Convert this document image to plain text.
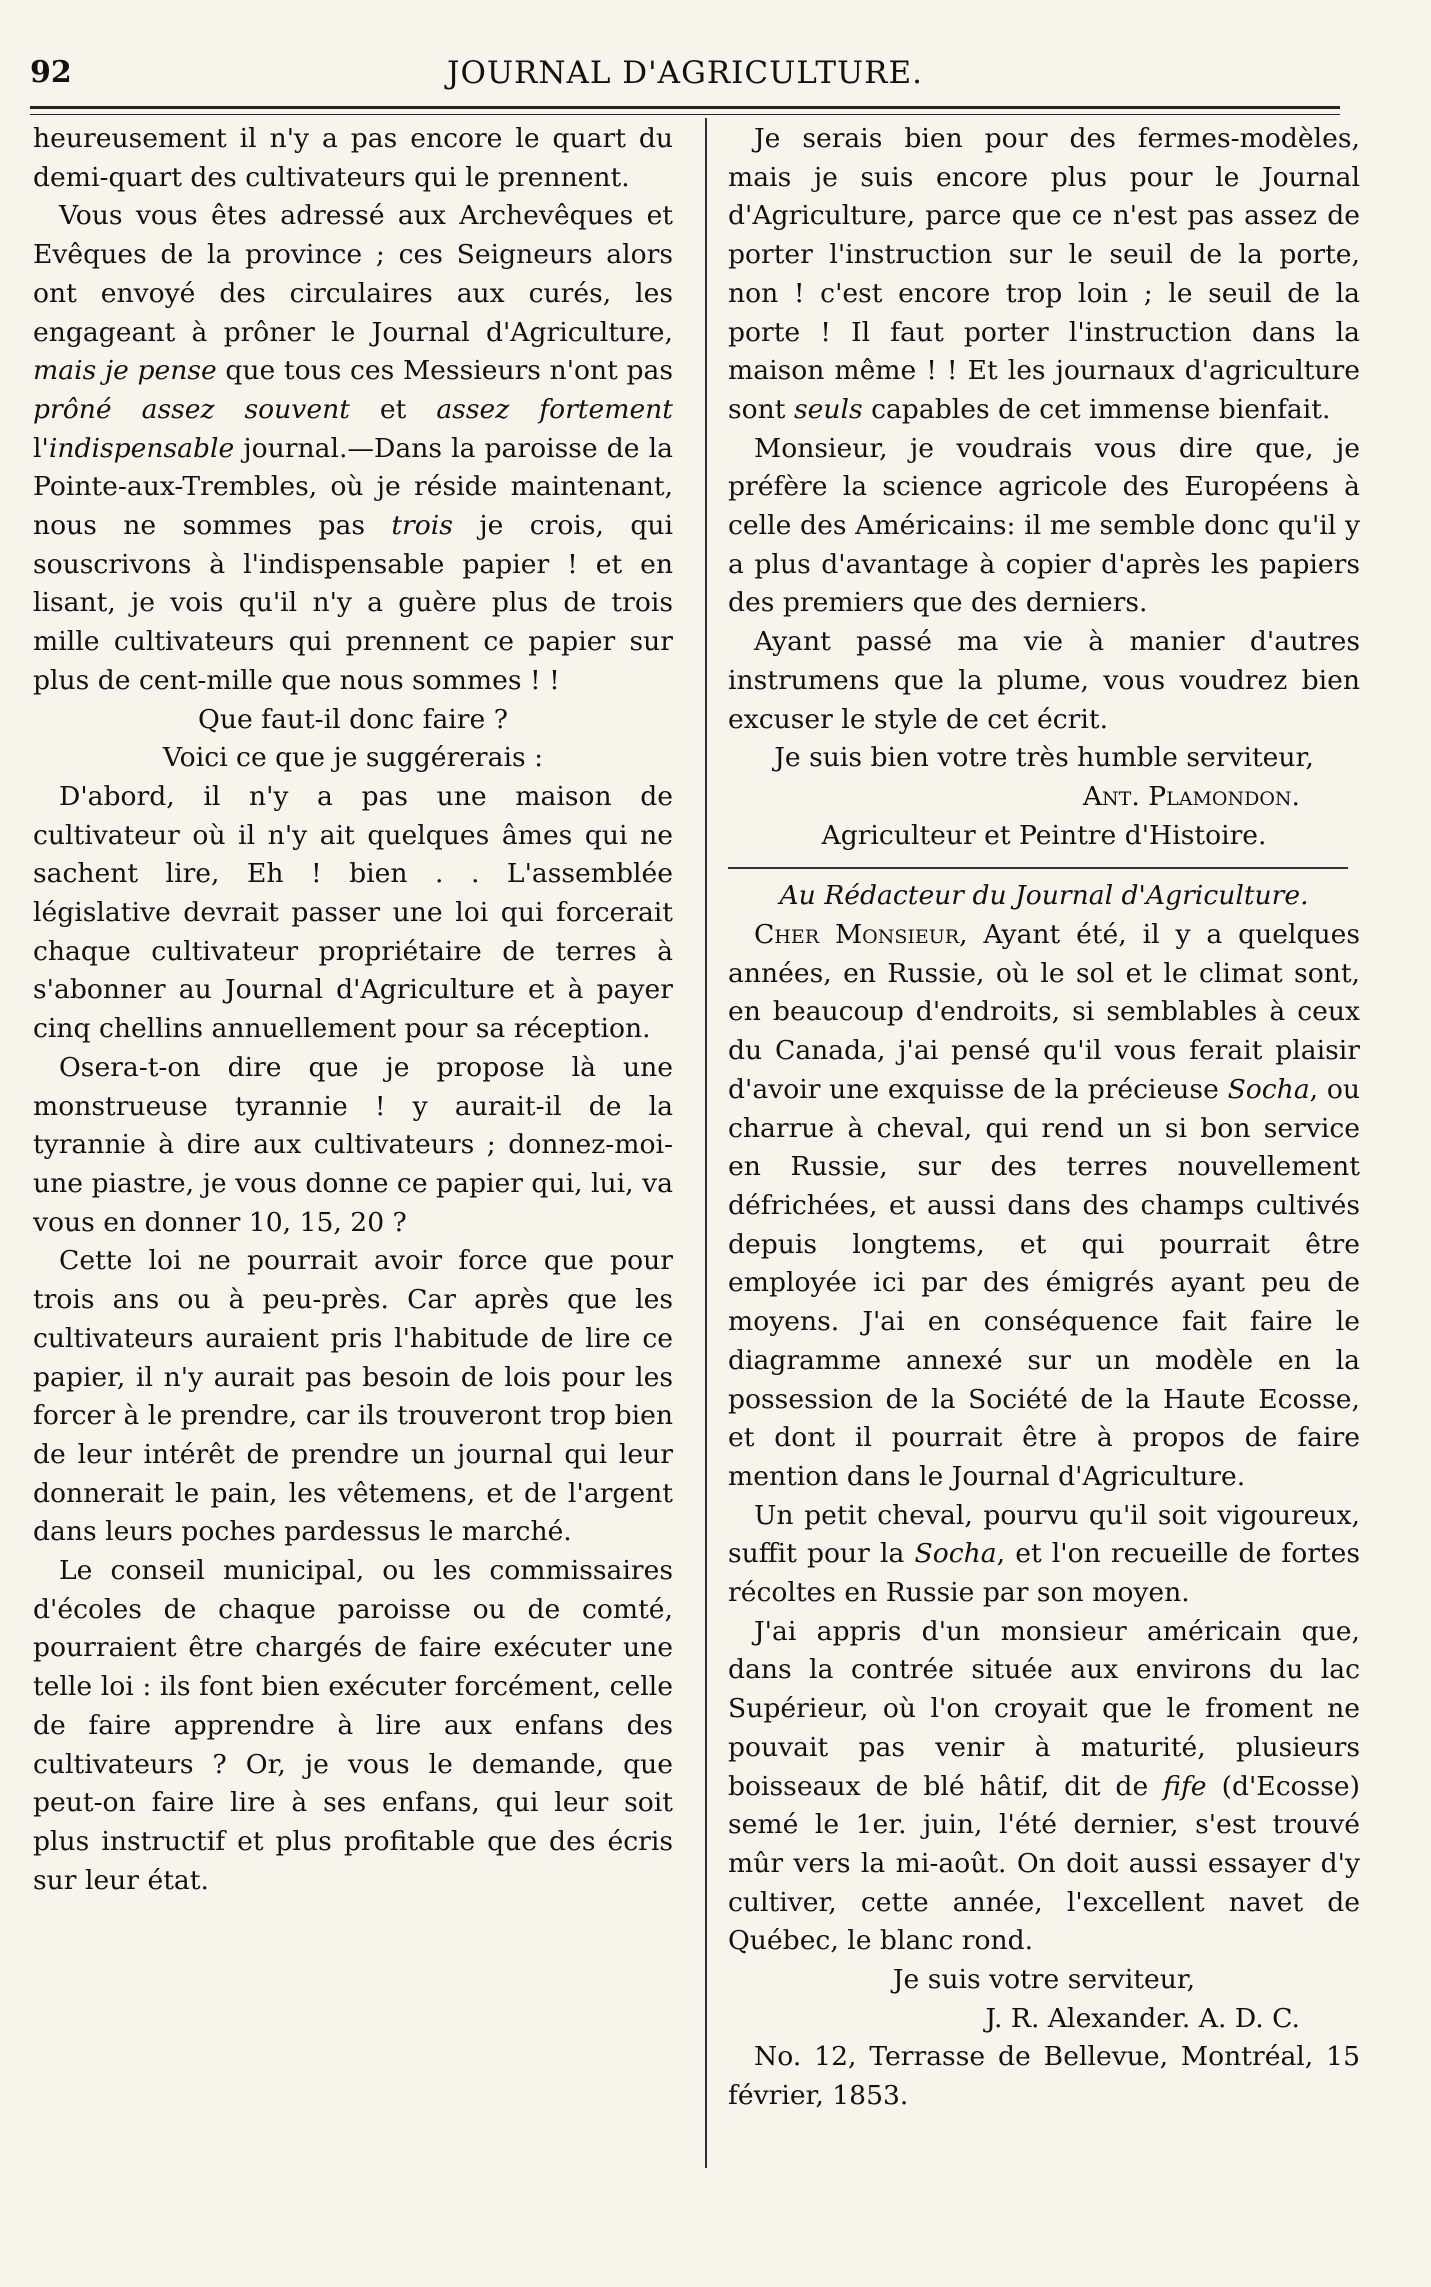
92	JOURNAL D'AGRICULTURE.

heureusement il n'y a pas encore le quart du demi-quart des cultivateurs qui le prennent.

Vous vous êtes adressé aux Archevêques et Evêques de la province ; ces Seigneurs alors ont envoyé des circulaires aux curés, les engageant à prôner le Journal d'Agriculture, mais je pense que tous ces Messieurs n'ont pas prôné assez souvent et assez fortement l'indispensable journal.—Dans la paroisse de la Pointe-aux-Trembles, où je réside maintenant, nous ne sommes pas trois je crois, qui souscrivons à l'indispensable papier ! et en lisant, je vois qu'il n'y a guère plus de trois mille cultivateurs qui prennent ce papier sur plus de cent-mille que nous sommes ! !

Que faut-il donc faire ?

Voici ce que je suggérerais :

D'abord, il n'y a pas une maison de cultivateur où il n'y ait quelques âmes qui ne sachent lire, Eh ! bien . . L'assemblée législative devrait passer une loi qui forcerait chaque cultivateur propriétaire de terres à s'abonner au Journal d'Agriculture et à payer cinq chellins annuellement pour sa réception.

Osera-t-on dire que je propose là une monstrueuse tyrannie ! y aurait-il de la tyrannie à dire aux cultivateurs ; donnez-moi-une piastre, je vous donne ce papier qui, lui, va vous en donner 10, 15, 20 ?

Cette loi ne pourrait avoir force que pour trois ans ou à peu-près. Car après que les cultivateurs auraient pris l'habitude de lire ce papier, il n'y aurait pas besoin de lois pour les forcer à le prendre, car ils trouveront trop bien de leur intérêt de prendre un journal qui leur donnerait le pain, les vêtemens, et de l'argent dans leurs poches pardessus le marché.

Le conseil municipal, ou les commissaires d'écoles de chaque paroisse ou de comté, pourraient être chargés de faire exécuter une telle loi : ils font bien exécuter forcément, celle de faire apprendre à lire aux enfans des cultivateurs ? Or, je vous le demande, que peut-on faire lire à ses enfans, qui leur soit plus instructif et plus profitable que des écris sur leur état.

Je serais bien pour des fermes-modèles, mais je suis encore plus pour le Journal d'Agriculture, parce que ce n'est pas assez de porter l'instruction sur le seuil de la porte, non ! c'est encore trop loin ; le seuil de la porte ! Il faut porter l'instruction dans la maison même ! ! Et les journaux d'agriculture sont seuls capables de cet immense bienfait.

Monsieur, je voudrais vous dire que, je préfère la science agricole des Européens à celle des Américains: il me semble donc qu'il y a plus d'avantage à copier d'après les papiers des premiers que des derniers.

Ayant passé ma vie à manier d'autres instrumens que la plume, vous voudrez bien excuser le style de cet écrit.

Je suis bien votre très humble serviteur,

Ant. Plamondon.

Agriculteur et Peintre d'Histoire.

Au Rédacteur du Journal d'Agriculture.

Cher Monsieur, Ayant été, il y a quelques années, en Russie, où le sol et le climat sont, en beaucoup d'endroits, si semblables à ceux du Canada, j'ai pensé qu'il vous ferait plaisir d'avoir une exquisse de la précieuse Socha, ou charrue à cheval, qui rend un si bon service en Russie, sur des terres nouvellement défrichées, et aussi dans des champs cultivés depuis longtems, et qui pourrait être employée ici par des émigrés ayant peu de moyens. J'ai en conséquence fait faire le diagramme annexé sur un modèle en la possession de la Société de la Haute Ecosse, et dont il pourrait être à propos de faire mention dans le Journal d'Agriculture.

Un petit cheval, pourvu qu'il soit vigoureux, suffit pour la Socha, et l'on recueille de fortes récoltes en Russie par son moyen.

J'ai appris d'un monsieur américain que, dans la contrée située aux environs du lac Supérieur, où l'on croyait que le froment ne pouvait pas venir à maturité, plusieurs boisseaux de blé hâtif, dit de fife (d'Ecosse) semé le 1er. juin, l'été dernier, s'est trouvé mûr vers la mi-août. On doit aussi essayer d'y cultiver, cette année, l'excellent navet de Québec, le blanc rond.

Je suis votre serviteur,

J. R. Alexander. A. D. C.

No. 12, Terrasse de Bellevue, Montréal, 15 février, 1853.
